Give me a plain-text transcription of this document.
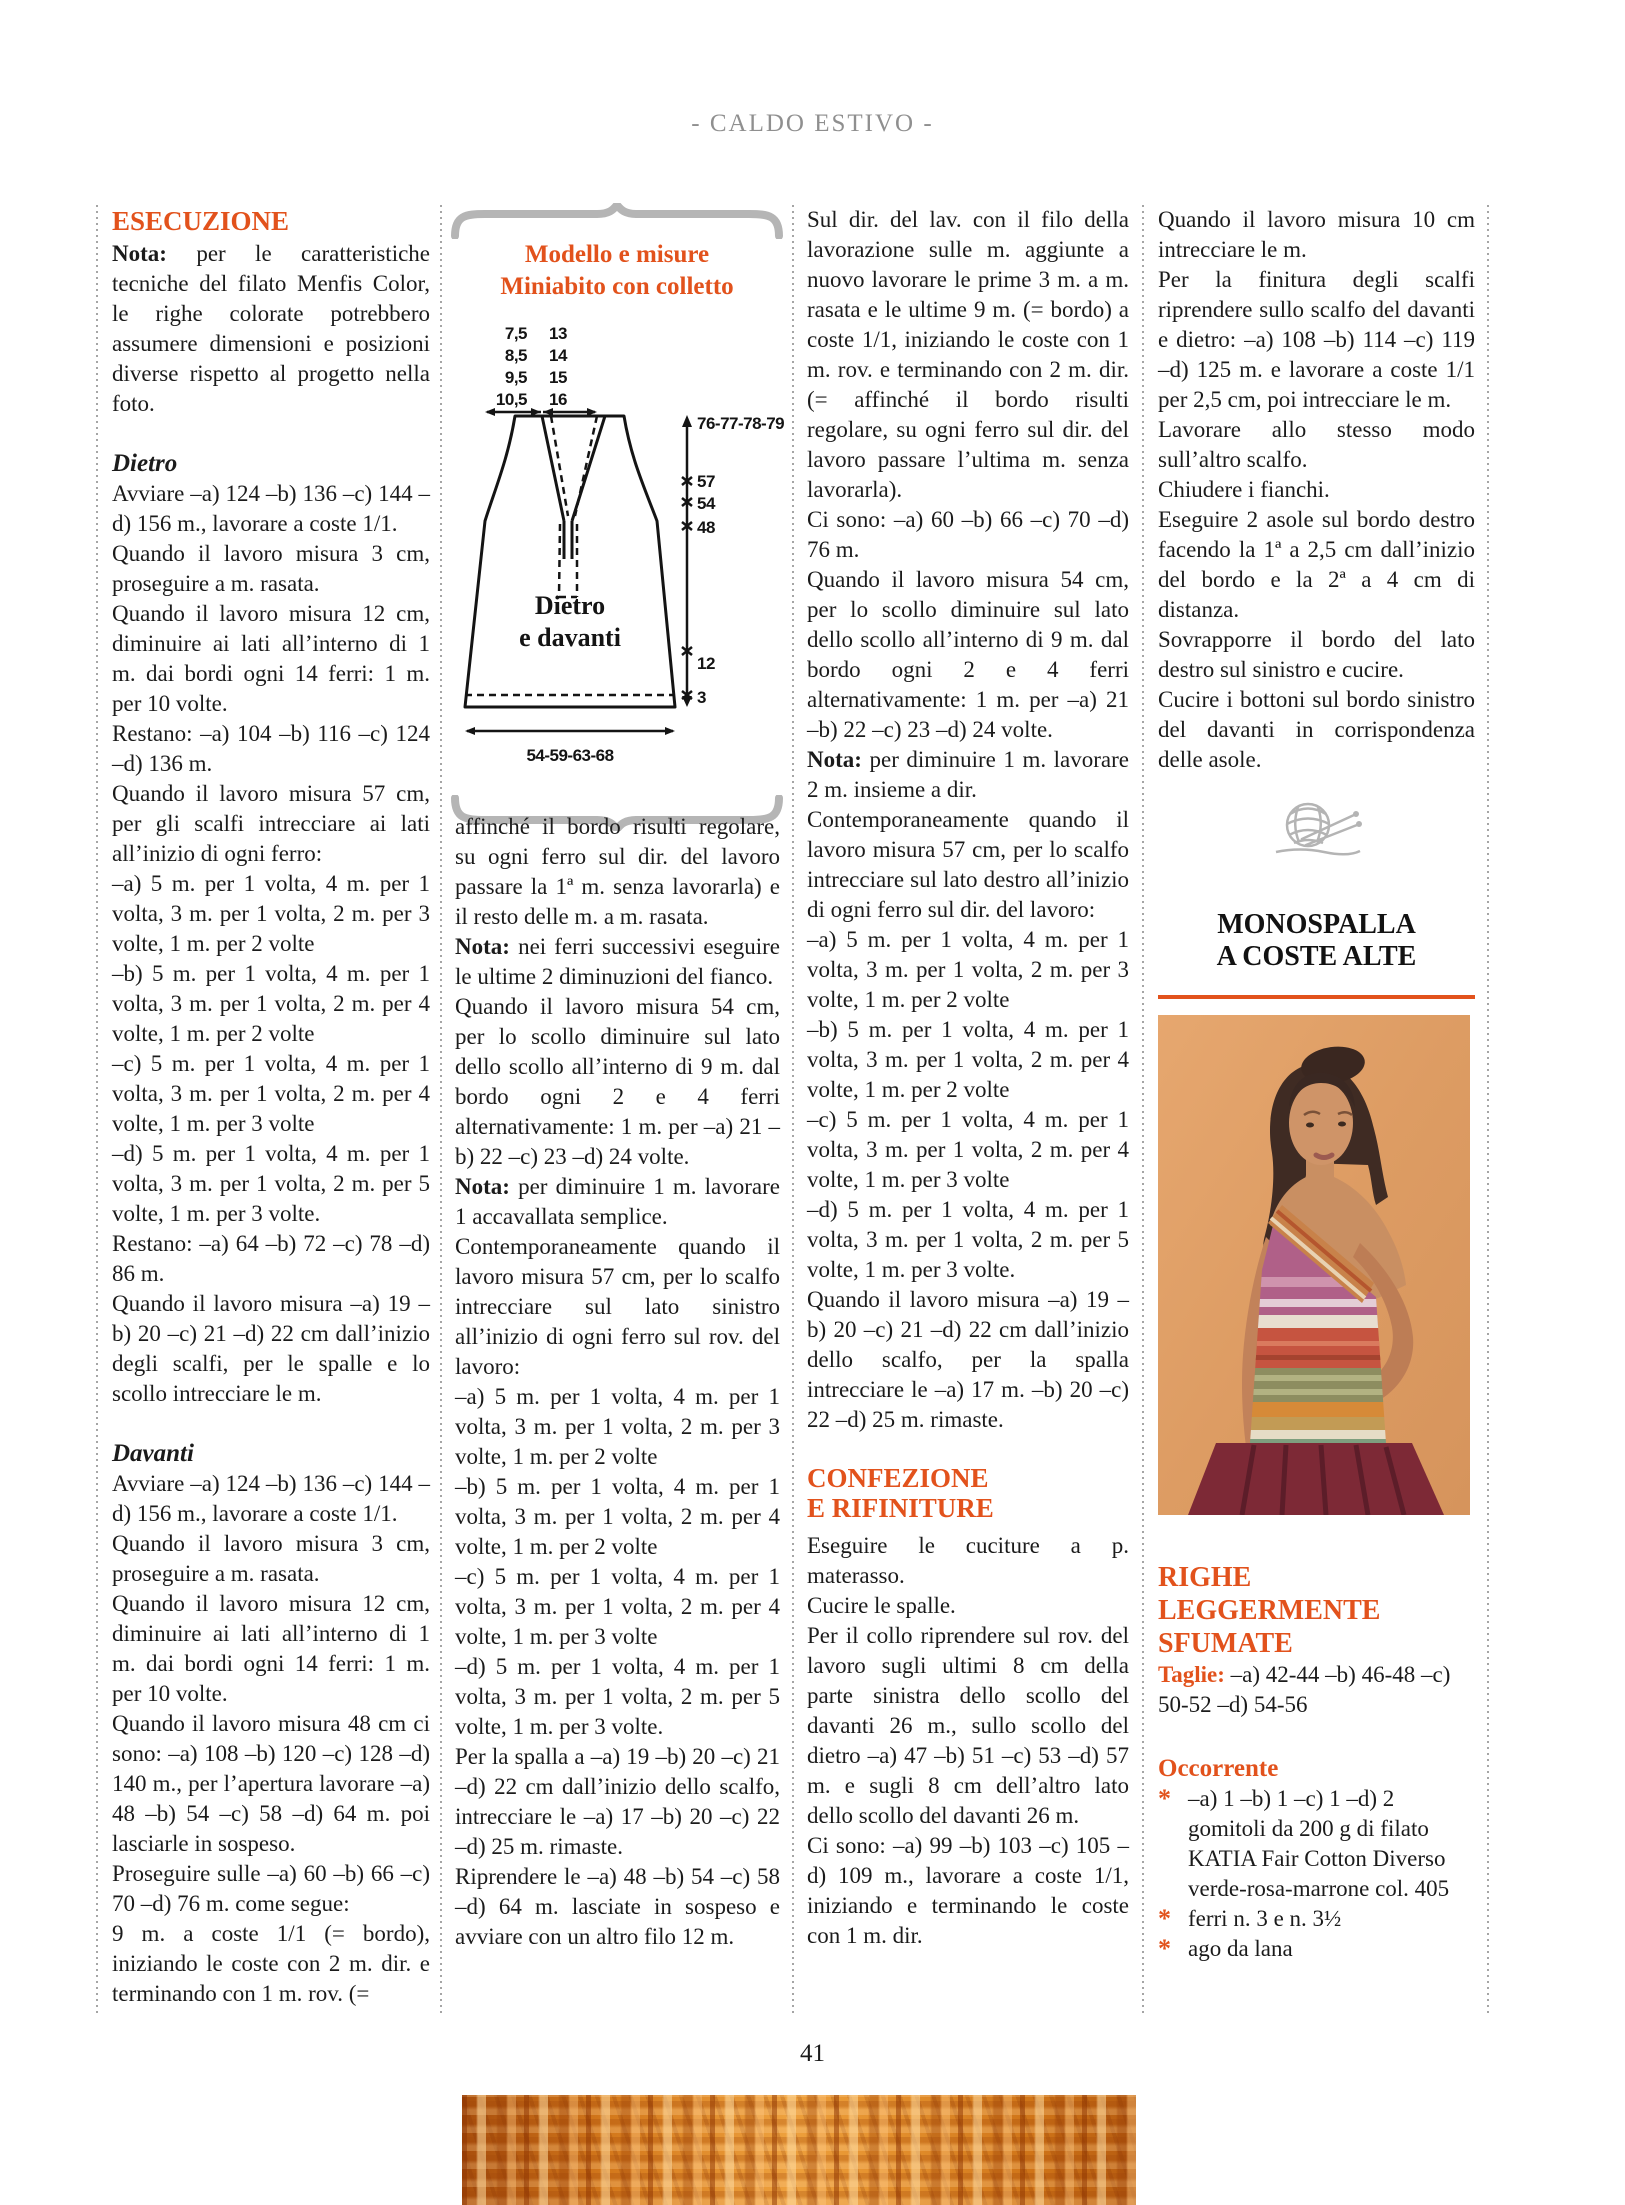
- CALDO ESTIVO -
ESECUZIONE

Nota: per le caratteristiche tecniche del filato Menfis Color, le righe colorate potrebbero assumere dimensioni e posizioni diverse rispetto al progetto nella foto.

Dietro

Avviare –a) 124 –b) 136 –c) 144 –d) 156 m., lavorare a coste 1/1.

Quando il lavoro misura 3 cm, proseguire a m. rasata.

Quando il lavoro misura 12 cm, diminuire ai lati all’interno di 1 m. dai bordi ogni 14 ferri: 1 m. per 10 volte.

Restano: –a) 104 –b) 116 –c) 124 –d) 136 m.

Quando il lavoro misura 57 cm, per gli scalfi intrecciare ai lati all’inizio di ogni ferro:

–a) 5 m. per 1 volta, 4 m. per 1 volta, 3 m. per 1 volta, 2 m. per 3 volte, 1 m. per 2 volte

–b) 5 m. per 1 volta, 4 m. per 1 volta, 3 m. per 1 volta, 2 m. per 4 volte, 1 m. per 2 volte

–c) 5 m. per 1 volta, 4 m. per 1 volta, 3 m. per 1 volta, 2 m. per 4 volte, 1 m. per 3 volte

–d) 5 m. per 1 volta, 4 m. per 1 volta, 3 m. per 1 volta, 2 m. per 5 volte, 1 m. per 3 volte.

Restano: –a) 64 –b) 72 –c) 78 –d) 86 m.

Quando il lavoro misura –a) 19 –b) 20 –c) 21 –d) 22 cm dall’inizio degli scalfi, per le spalle e lo scollo intrecciare le m.

Davanti

Avviare –a) 124 –b) 136 –c) 144 –d) 156 m., lavorare a coste 1/1.

Quando il lavoro misura 3 cm, proseguire a m. rasata.

Quando il lavoro misura 12 cm, diminuire ai lati all’interno di 1 m. dai bordi ogni 14 ferri: 1 m. per 10 volte.

Quando il lavoro misura 48 cm ci sono: –a) 108 –b) 120 –c) 128 –d) 140 m., per l’apertura lavorare –a) 48 –b) 54 –c) 58 –d) 64 m. poi lasciarle in sospeso.

Proseguire sulle –a) 60 –b) 66 –c) 70 –d) 76 m. come segue:

9 m. a coste 1/1 (= bordo), iniziando le coste con 2 m. dir. e terminando con 1 m. rov. (=

Modello e misure
Miniabito con colletto
7,5
8,5
9,5
10,5
13
14
15
16
76-77-78-79
57
54
48
12
3
Dietro
e davanti
54-59-63-68

affinché il bordo risulti regolare, su ogni ferro sul dir. del lavoro passare la 1ª m. senza lavorarla) e il resto delle m. a m. rasata.

Nota: nei ferri successivi eseguire le ultime 2 diminuzioni del fianco.

Quando il lavoro misura 54 cm, per lo scollo diminuire sul lato dello scollo all’interno di 9 m. dal bordo ogni 2 e 4 ferri alternativamente: 1 m. per –a) 21 –b) 22 –c) 23 –d) 24 volte.

Nota: per diminuire 1 m. lavorare 1 accavallata semplice.

Contemporaneamente quando il lavoro misura 57 cm, per lo scalfo intrecciare sul lato sinistro all’inizio di ogni ferro sul rov. del lavoro:

–a) 5 m. per 1 volta, 4 m. per 1 volta, 3 m. per 1 volta, 2 m. per 3 volte, 1 m. per 2 volte

–b) 5 m. per 1 volta, 4 m. per 1 volta, 3 m. per 1 volta, 2 m. per 4 volte, 1 m. per 2 volte

–c) 5 m. per 1 volta, 4 m. per 1 volta, 3 m. per 1 volta, 2 m. per 4 volte, 1 m. per 3 volte

–d) 5 m. per 1 volta, 4 m. per 1 volta, 3 m. per 1 volta, 2 m. per 5 volte, 1 m. per 3 volte.

Per la spalla a –a) 19 –b) 20 –c) 21 –d) 22 cm dall’inizio dello scalfo, intrecciare le –a) 17 –b) 20 –c) 22 –d) 25 m. rimaste.

Riprendere le –a) 48 –b) 54 –c) 58 –d) 64 m. lasciate in sospeso e avviare con un altro filo 12 m.

Sul dir. del lav. con il filo della lavorazione sulle m. aggiunte a nuovo lavorare le prime 3 m. a m. rasata e le ultime 9 m. (= bordo) a coste 1/1, iniziando le coste con 1 m. rov. e terminando con 2 m. dir. (= affinché il bordo risulti regolare, su ogni ferro sul dir. del lavoro passare l’ultima m. senza lavorarla).

Ci sono: –a) 60 –b) 66 –c) 70 –d) 76 m.

Quando il lavoro misura 54 cm, per lo scollo diminuire sul lato dello scollo all’interno di 9 m. dal bordo ogni 2 e 4 ferri alternativamente: 1 m. per –a) 21 –b) 22 –c) 23 –d) 24 volte.

Nota: per diminuire 1 m. lavorare 2 m. insieme a dir.

Contemporaneamente quando il lavoro misura 57 cm, per lo scalfo intrecciare sul lato destro all’inizio di ogni ferro sul dir. del lavoro:

–a) 5 m. per 1 volta, 4 m. per 1 volta, 3 m. per 1 volta, 2 m. per 3 volte, 1 m. per 2 volte

–b) 5 m. per 1 volta, 4 m. per 1 volta, 3 m. per 1 volta, 2 m. per 4 volte, 1 m. per 2 volte

–c) 5 m. per 1 volta, 4 m. per 1 volta, 3 m. per 1 volta, 2 m. per 4 volte, 1 m. per 3 volte

–d) 5 m. per 1 volta, 4 m. per 1 volta, 3 m. per 1 volta, 2 m. per 5 volte, 1 m. per 3 volte.

Quando il lavoro misura –a) 19 –b) 20 –c) 21 –d) 22 cm dall’inizio dello scalfo, per la spalla intrecciare le –a) 17 m. –b) 20 –c) 22 –d) 25 m. rimaste.

CONFEZIONE
E RIFINITURE

Eseguire le cuciture a p. materasso.

Cucire le spalle.

Per il collo riprendere sul rov. del lavoro sugli ultimi 8 cm della parte sinistra dello scollo del davanti 26 m., sullo scollo del dietro –a) 47 –b) 51 –c) 53 –d) 57 m. e sugli 8 cm dell’altro lato dello scollo del davanti 26 m.

Ci sono: –a) 99 –b) 103 –c) 105 –d) 109 m., lavorare a coste 1/1, iniziando e terminando le coste con 1 m. dir.

Quando il lavoro misura 10 cm intrecciare le m.

Per la finitura degli scalfi riprendere sullo scalfo del davanti e dietro: –a) 108 –b) 114 –c) 119 –d) 125 m. e lavorare a coste 1/1 per 2,5 cm, poi intrecciare le m.

Lavorare allo stesso modo sull’altro scalfo.

Chiudere i fianchi.

Eseguire 2 asole sul bordo destro facendo la 1ª a 2,5 cm dall’inizio del bordo e la 2ª a 4 cm di distanza.

Sovrapporre il bordo del lato destro sul sinistro e cucire.

Cucire i bottoni sul bordo sinistro del davanti in corrispondenza delle asole.

MONOSPALLA
A COSTE ALTE
RIGHE LEGGERMENTE
SFUMATE

Taglie: –a) 42-44 –b) 46-48 –c) 50-52 –d) 54-56

Occorrente
* –a) 1 –b) 1 –c) 1 –d) 2 gomitoli da 200 g di filato KATIA Fair Cotton Diverso verde-rosa-marrone col. 405
* ferri n. 3 e n. 3½
* ago da lana
41
